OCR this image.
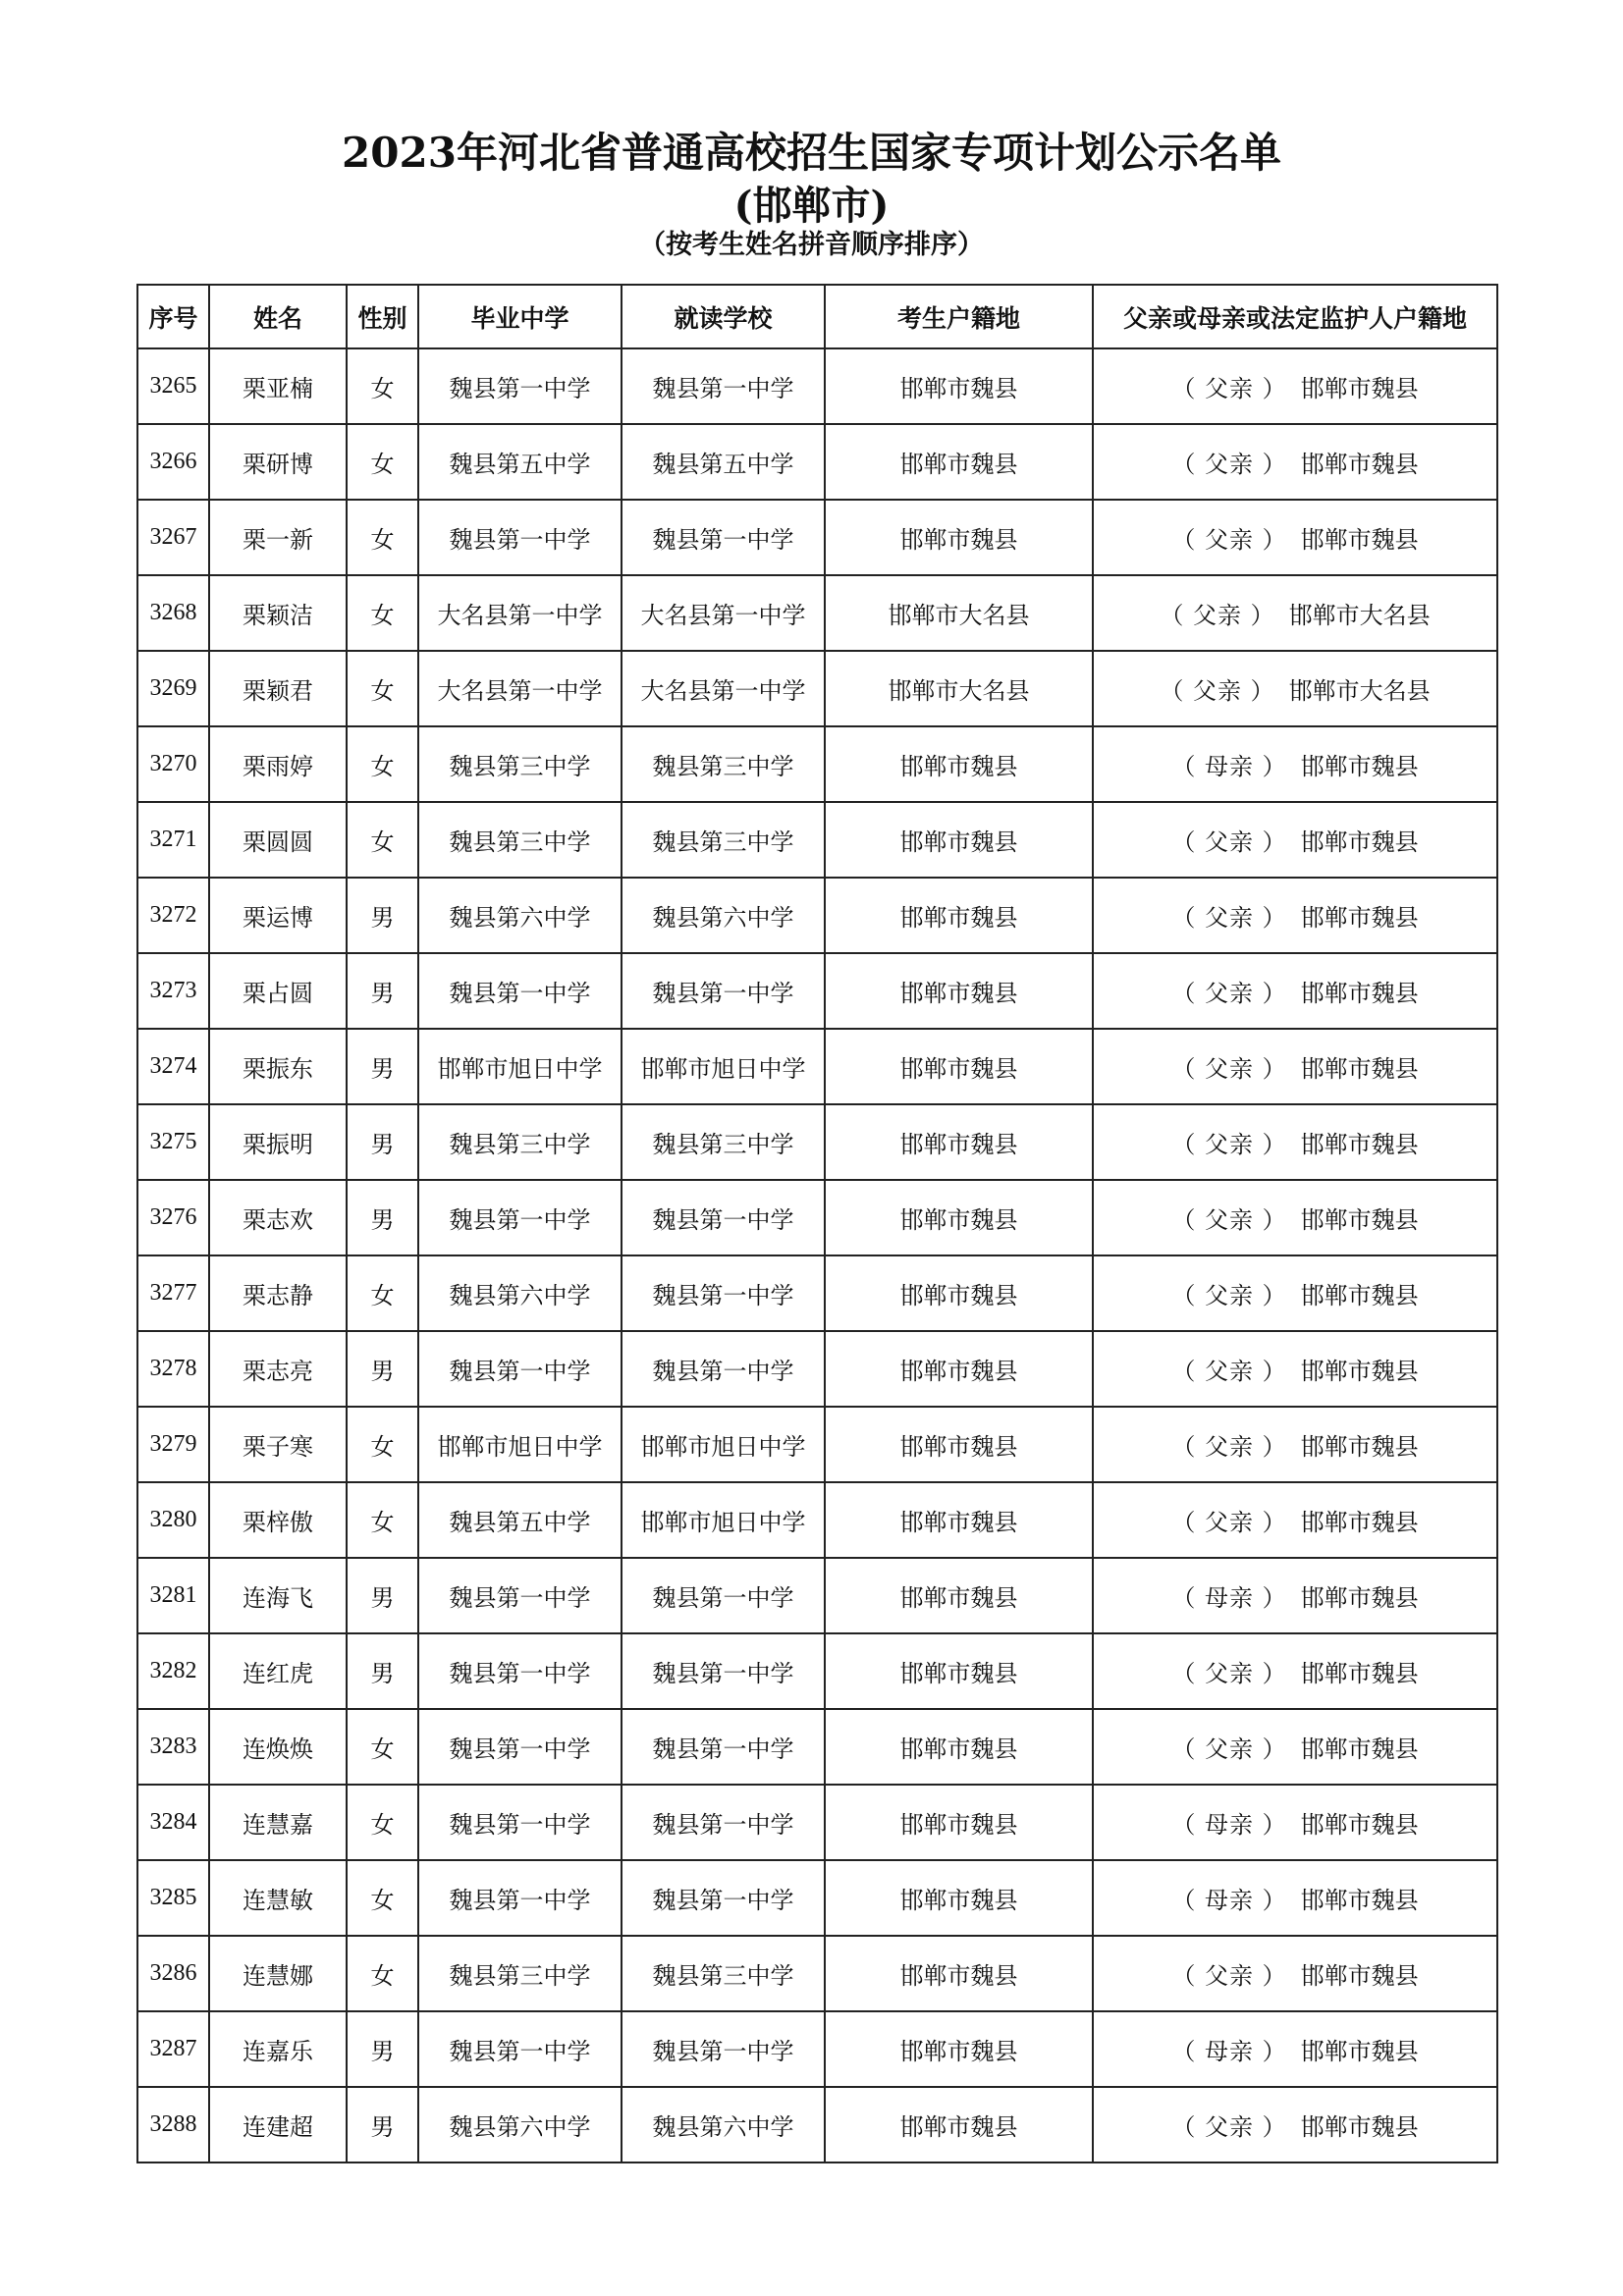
2023年河北省普通高校招生国家专项计划公示名单
(邯郸市)
（按考生姓名拼音顺序排序）
序号	姓名	性别	毕业中学	就读学校	考生户籍地	父亲或母亲或法定监护人户籍地
3265	栗亚楠	女	魏县第一中学	魏县第一中学	邯郸市魏县	（ 父亲 ） 邯郸市魏县
3266	栗研博	女	魏县第五中学	魏县第五中学	邯郸市魏县	（ 父亲 ） 邯郸市魏县
3267	栗一新	女	魏县第一中学	魏县第一中学	邯郸市魏县	（ 父亲 ） 邯郸市魏县
3268	栗颖洁	女	大名县第一中学	大名县第一中学	邯郸市大名县	（ 父亲 ） 邯郸市大名县
3269	栗颖君	女	大名县第一中学	大名县第一中学	邯郸市大名县	（ 父亲 ） 邯郸市大名县
3270	栗雨婷	女	魏县第三中学	魏县第三中学	邯郸市魏县	（ 母亲 ） 邯郸市魏县
3271	栗圆圆	女	魏县第三中学	魏县第三中学	邯郸市魏县	（ 父亲 ） 邯郸市魏县
3272	栗运博	男	魏县第六中学	魏县第六中学	邯郸市魏县	（ 父亲 ） 邯郸市魏县
3273	栗占圆	男	魏县第一中学	魏县第一中学	邯郸市魏县	（ 父亲 ） 邯郸市魏县
3274	栗振东	男	邯郸市旭日中学	邯郸市旭日中学	邯郸市魏县	（ 父亲 ） 邯郸市魏县
3275	栗振明	男	魏县第三中学	魏县第三中学	邯郸市魏县	（ 父亲 ） 邯郸市魏县
3276	栗志欢	男	魏县第一中学	魏县第一中学	邯郸市魏县	（ 父亲 ） 邯郸市魏县
3277	栗志静	女	魏县第六中学	魏县第一中学	邯郸市魏县	（ 父亲 ） 邯郸市魏县
3278	栗志亮	男	魏县第一中学	魏县第一中学	邯郸市魏县	（ 父亲 ） 邯郸市魏县
3279	栗子寒	女	邯郸市旭日中学	邯郸市旭日中学	邯郸市魏县	（ 父亲 ） 邯郸市魏县
3280	栗梓傲	女	魏县第五中学	邯郸市旭日中学	邯郸市魏县	（ 父亲 ） 邯郸市魏县
3281	连海飞	男	魏县第一中学	魏县第一中学	邯郸市魏县	（ 母亲 ） 邯郸市魏县
3282	连红虎	男	魏县第一中学	魏县第一中学	邯郸市魏县	（ 父亲 ） 邯郸市魏县
3283	连焕焕	女	魏县第一中学	魏县第一中学	邯郸市魏县	（ 父亲 ） 邯郸市魏县
3284	连慧嘉	女	魏县第一中学	魏县第一中学	邯郸市魏县	（ 母亲 ） 邯郸市魏县
3285	连慧敏	女	魏县第一中学	魏县第一中学	邯郸市魏县	（ 母亲 ） 邯郸市魏县
3286	连慧娜	女	魏县第三中学	魏县第三中学	邯郸市魏县	（ 父亲 ） 邯郸市魏县
3287	连嘉乐	男	魏县第一中学	魏县第一中学	邯郸市魏县	（ 母亲 ） 邯郸市魏县
3288	连建超	男	魏县第六中学	魏县第六中学	邯郸市魏县	（ 父亲 ） 邯郸市魏县
